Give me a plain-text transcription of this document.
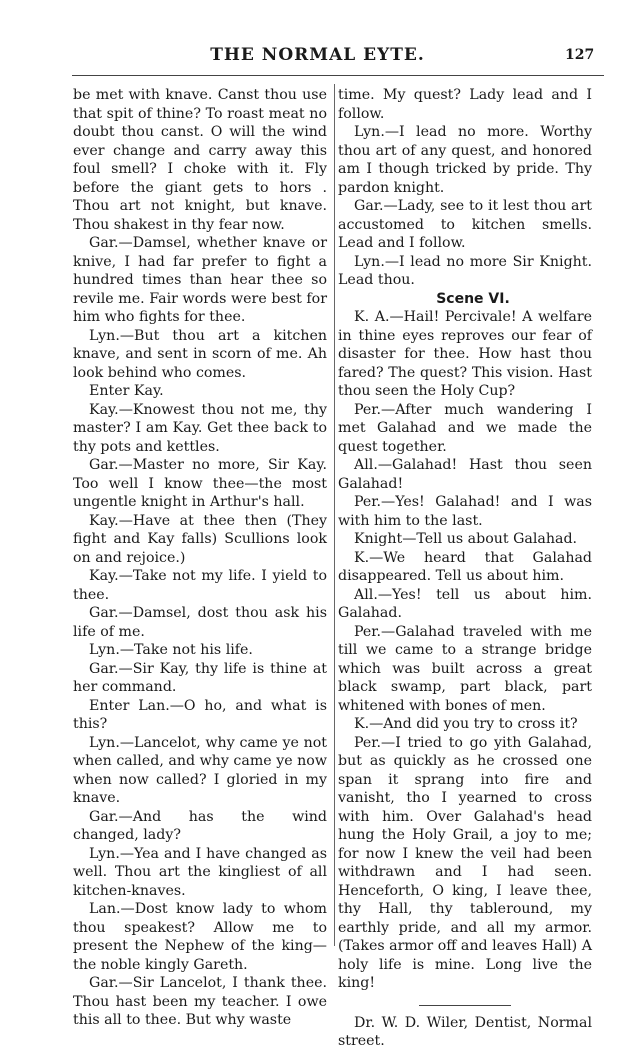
THE NORMAL EYTE.	127

be met with knave. Canst thou use that spit of thine? To roast meat no doubt thou canst. O will the wind ever change and carry away this foul smell? I choke with it. Fly before the giant gets to hors . Thou art not knight, but knave. Thou shakest in thy fear now.

Gar.—Damsel, whether knave or knive, I had far prefer to fight a hundred times than hear thee so revile me. Fair words were best for him who fights for thee.

Lyn.—But thou art a kitchen knave, and sent in scorn of me. Ah look behind who comes.

Enter Kay.

Kay.—Knowest thou not me, thy master? I am Kay. Get thee back to thy pots and kettles.

Gar.—Master no more, Sir Kay. Too well I know thee—the most ungentle knight in Arthur's hall.

Kay.—Have at thee then (They fight and Kay falls) Scullions look on and rejoice.)

Kay.—Take not my life. I yield to thee.

Gar.—Damsel, dost thou ask his life of me.

Lyn.—Take not his life.

Gar.—Sir Kay, thy life is thine at her command.

Enter Lan.—O ho, and what is this?

Lyn.—Lancelot, why came ye not when called, and why came ye now when now called? I gloried in my knave.

Gar.—And has the wind changed, lady?

Lyn.—Yea and I have changed as well. Thou art the kingliest of all kitchen-knaves.

Lan.—Dost know lady to whom thou speakest? Allow me to present the Nephew of the king—the noble kingly Gareth.

Gar.—Sir Lancelot, I thank thee. Thou hast been my teacher. I owe this all to thee. But why waste

time. My quest? Lady lead and I follow.

Lyn.—I lead no more. Worthy thou art of any quest, and honored am I though tricked by pride. Thy pardon knight.

Gar.—Lady, see to it lest thou art accustomed to kitchen smells. Lead and I follow.

Lyn.—I lead no more Sir Knight. Lead thou.

Scene VI.

K. A.—Hail! Percivale! A welfare in thine eyes reproves our fear of disaster for thee. How hast thou fared? The quest? This vision. Hast thou seen the Holy Cup?

Per.—After much wandering I met Galahad and we made the quest together.

All.—Galahad! Hast thou seen Galahad!

Per.—Yes! Galahad! and I was with him to the last.

Knight—Tell us about Galahad.

K.—We heard that Galahad disappeared. Tell us about him.

All.—Yes! tell us about him. Galahad.

Per.—Galahad traveled with me till we came to a strange bridge which was built across a great black swamp, part black, part whitened with bones of men.

K.—And did you try to cross it?

Per.—I tried to go yith Galahad, but as quickly as he crossed one span it sprang into fire and vanisht, tho I yearned to cross with him. Over Galahad's head hung the Holy Grail, a joy to me; for now I knew the veil had been withdrawn and I had seen. Henceforth, O king, I leave thee, thy Hall, thy tableround, my earthly pride, and all my armor. (Takes armor off and leaves Hall) A holy life is mine. Long live the king!

Dr. W. D. Wiler, Dentist, Normal street.
